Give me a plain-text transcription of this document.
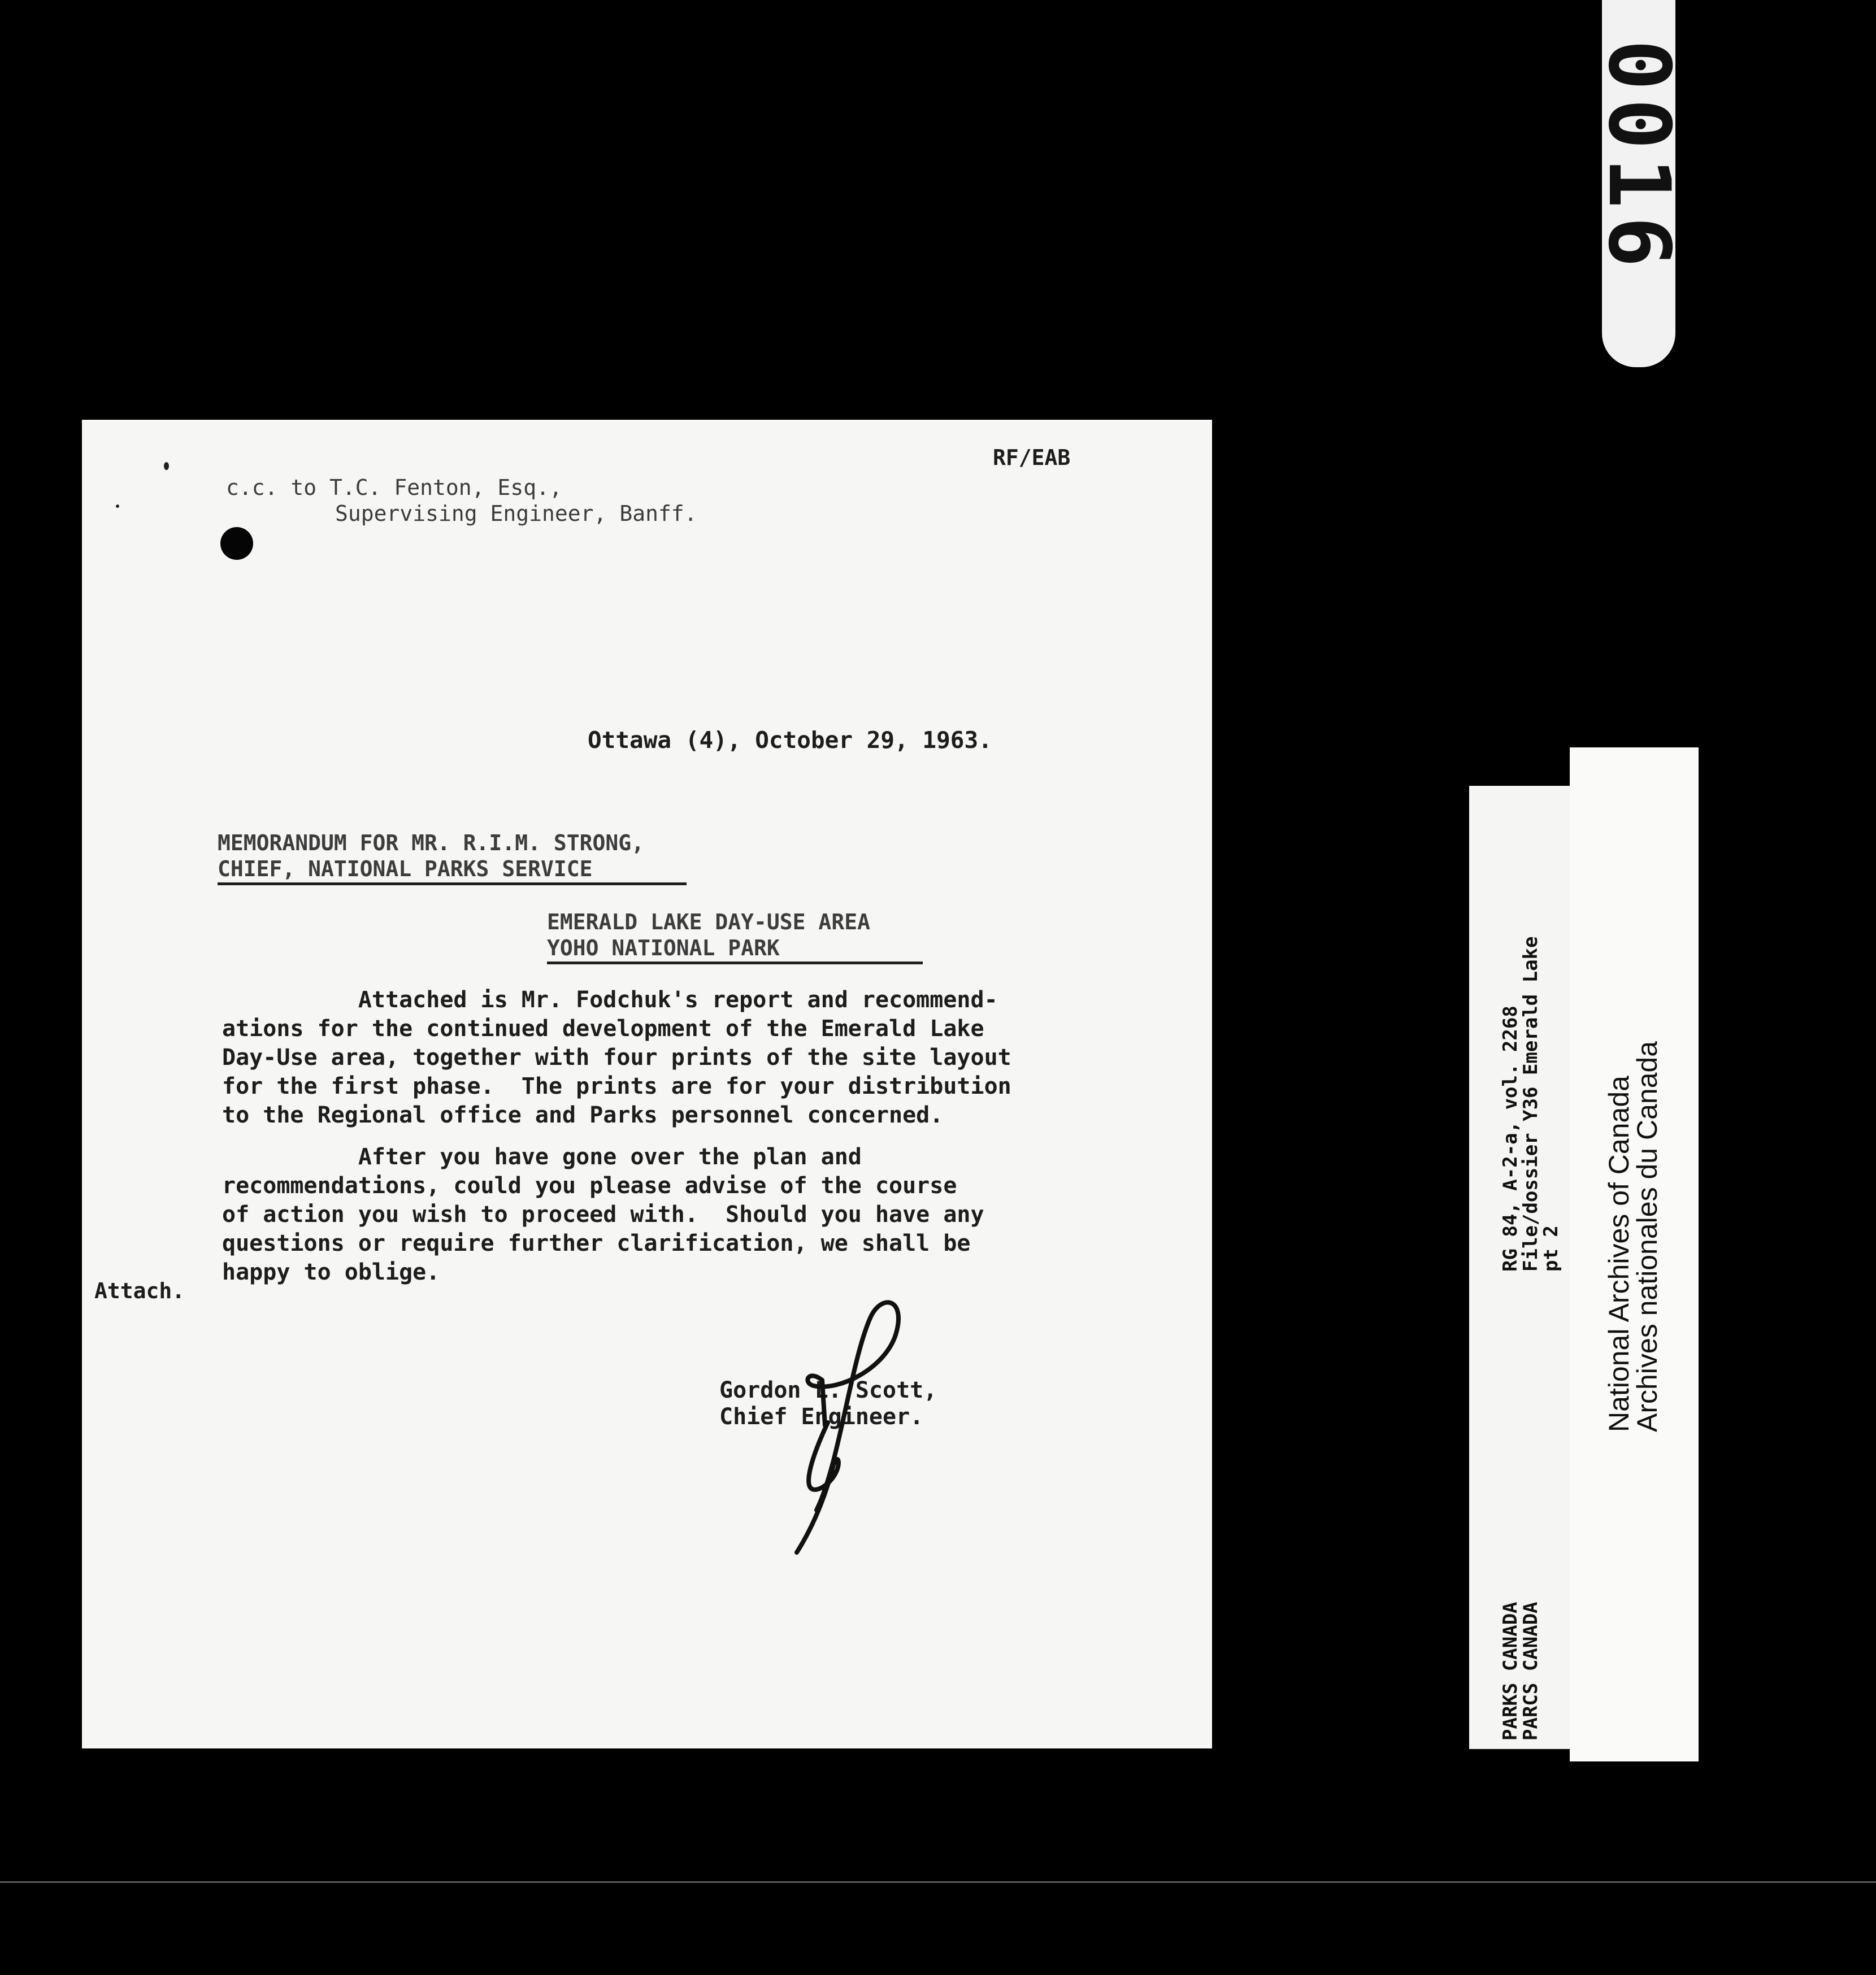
0016
RF/EAB
c.c. to T.C. Fenton, Esq.,
Supervising Engineer, Banff.
Ottawa (4), October 29, 1963.
MEMORANDUM FOR MR. R.I.M. STRONG,
CHIEF, NATIONAL PARKS SERVICE
EMERALD LAKE DAY-USE AREA
YOHO NATIONAL PARK
Attached is Mr. Fodchuk's report and recommend-
ations for the continued development of the Emerald Lake
Day-Use area, together with four prints of the site layout
for the first phase.  The prints are for your distribution
to the Regional office and Parks personnel concerned.
After you have gone over the plan and
recommendations, could you please advise of the course
of action you wish to proceed with.  Should you have any
questions or require further clarification, we shall be
happy to oblige.
Attach.
Gordon L. Scott,
Chief Engineer.
RG 84, A-2-a, vol. 2268
File/dossier Y36 Emerald Lake
pt 2
PARKS CANADA
PARCS CANADA
National Archives of Canada
Archives nationales du Canada
